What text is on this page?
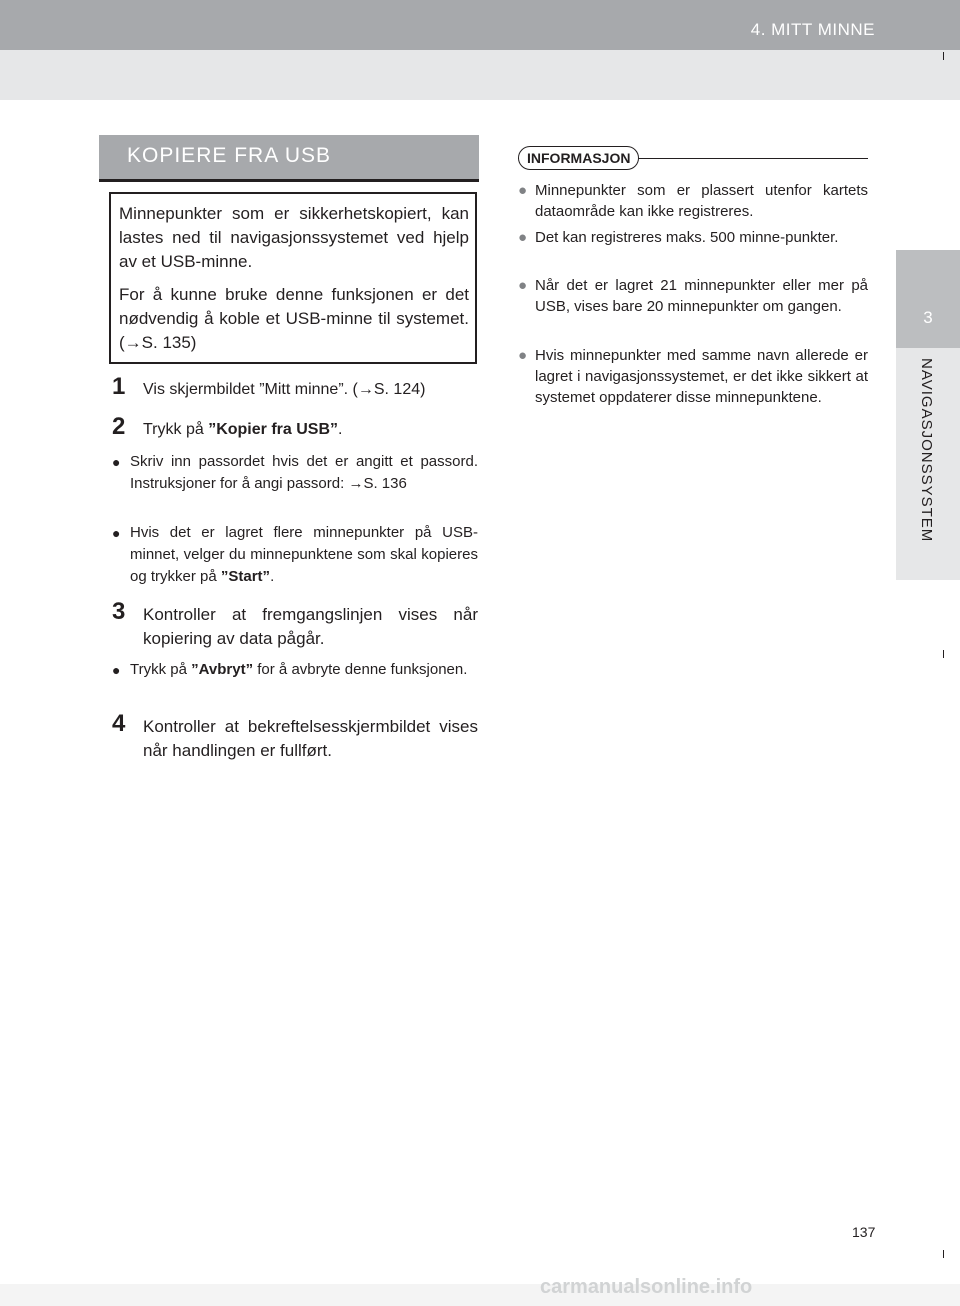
4. MITT MINNE
3
NAVIGASJONSSYSTEM
KOPIERE FRA USB

Minnepunkter som er sikkerhetskopiert, kan lastes ned til navigasjonssystemet ved hjelp av et USB-minne.

For å kunne bruke denne funksjonen er det nødvendig å koble et USB-minne til systemet. (→S. 135)

1	Vis skjermbildet ”Mitt minne”. (→S. 124)
2	Trykk på ”Kopier fra USB”.
● Skriv inn passordet hvis det er angitt et passord. Instruksjoner for å angi passord: →S. 136
● Hvis det er lagret flere minnepunkter på USB-minnet, velger du minnepunktene som skal kopieres og trykker på ”Start”.
3	Kontroller at fremgangslinjen vises når kopiering av data pågår.
● Trykk på ”Avbryt” for å avbryte denne funksjonen.
4	Kontroller at bekreftelsesskjermbildet vises når handlingen er fullført.
INFORMASJON
● Minnepunkter som er plassert utenfor kartets dataområde kan ikke registreres.
● Det kan registreres maks. 500 minne-punkter.
● Når det er lagret 21 minnepunkter eller mer på USB, vises bare 20 minnepunkter om gangen.
● Hvis minnepunkter med samme navn allerede er lagret i navigasjonssystemet, er det ikke sikkert at systemet oppdaterer disse minnepunktene.
137
carmanualsonline.info
